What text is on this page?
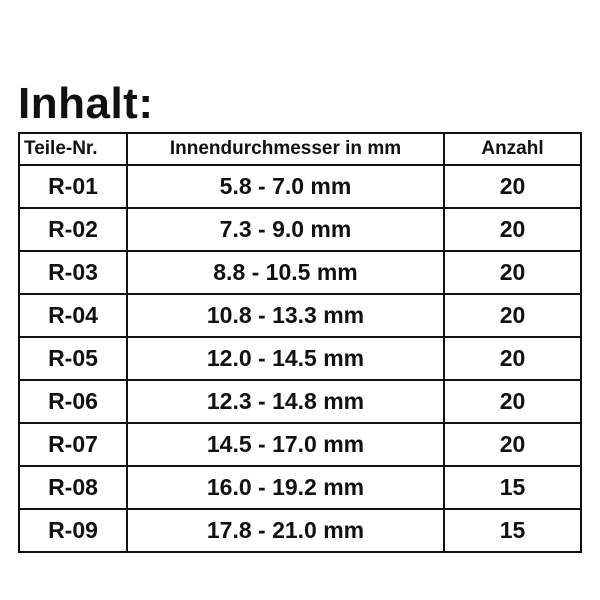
Inhalt:
Teile-Nr.	Innendurchmesser in mm	Anzahl
R-01	5.8 - 7.0 mm	20
R-02	7.3 - 9.0 mm	20
R-03	8.8 - 10.5 mm	20
R-04	10.8 - 13.3 mm	20
R-05	12.0 - 14.5 mm	20
R-06	12.3 - 14.8 mm	20
R-07	14.5 - 17.0 mm	20
R-08	16.0 - 19.2 mm	15
R-09	17.8 - 21.0 mm	15
